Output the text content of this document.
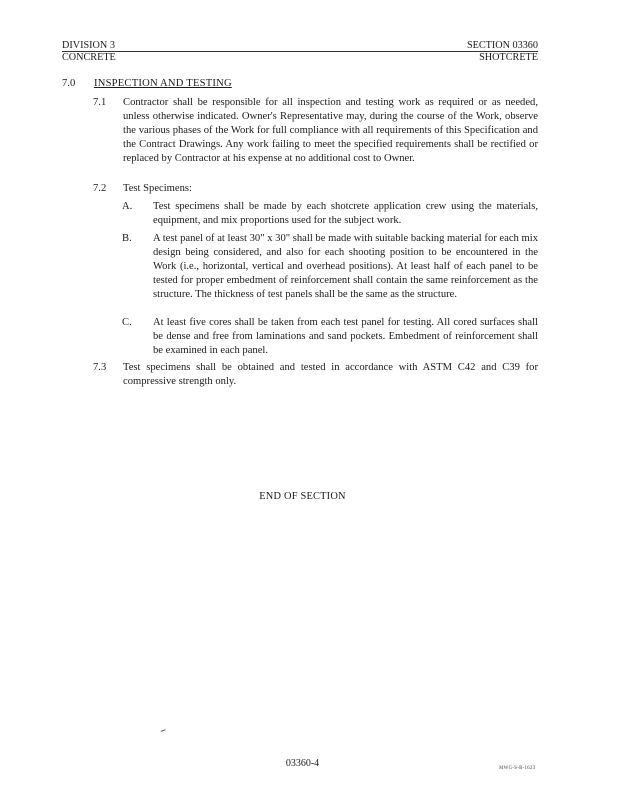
DIVISION 3
CONCRETE
SECTION 03360
SHOTCRETE
7.0 INSPECTION AND TESTING
7.1 Contractor shall be responsible for all inspection and testing work as required or as needed, unless otherwise indicated. Owner's Representative may, during the course of the Work, observe the various phases of the Work for full compliance with all requirements of this Specification and the Contract Drawings. Any work failing to meet the specified requirements shall be rectified or replaced by Contractor at his expense at no additional cost to Owner.
7.2 Test Specimens:
A. Test specimens shall be made by each shotcrete application crew using the materials, equipment, and mix proportions used for the subject work.
B. A test panel of at least 30" x 30" shall be made with suitable backing material for each mix design being considered, and also for each shooting position to be encountered in the Work (i.e., horizontal, vertical and overhead positions). At least half of each panel to be tested for proper embedment of reinforcement shall contain the same reinforcement as the structure. The thickness of test panels shall be the same as the structure.
C. At least five cores shall be taken from each test panel for testing. All cored surfaces shall be dense and free from laminations and sand pockets. Embedment of reinforcement shall be examined in each panel.
7.3 Test specimens shall be obtained and tested in accordance with ASTM C42 and C39 for compressive strength only.
END OF SECTION
03360-4	MWG-S-B-1623
